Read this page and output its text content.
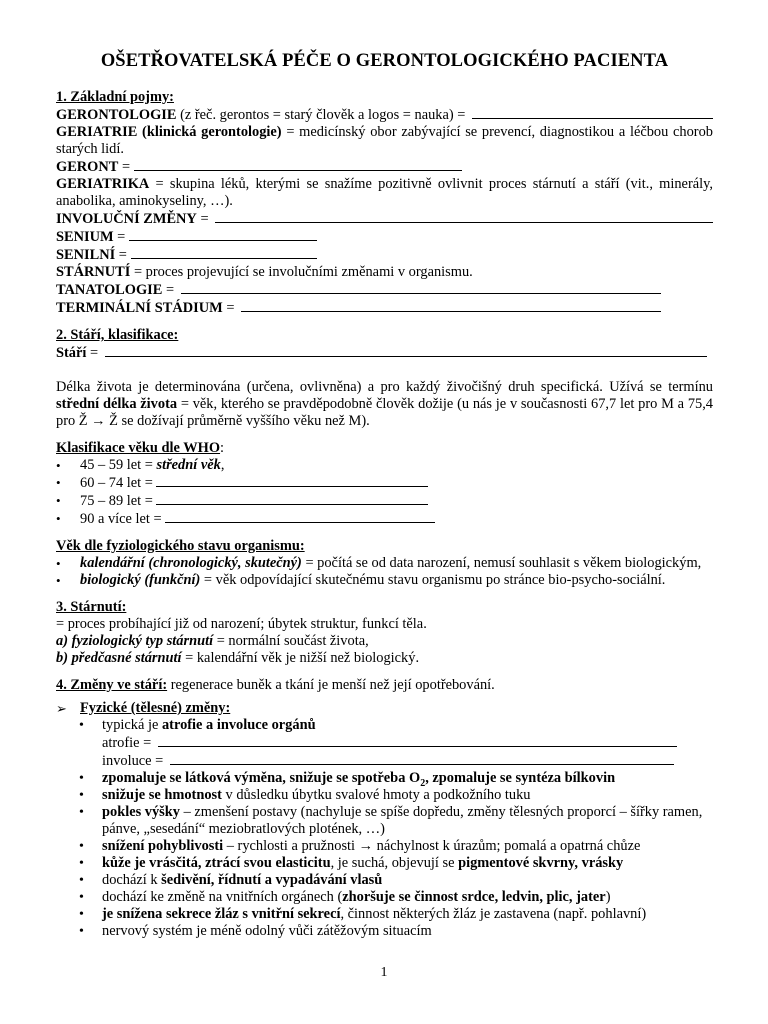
OŠETŘOVATELSKÁ PÉČE O GERONTOLOGICKÉHO PACIENTA
1. Základní pojmy:
GERONTOLOGIE (z řeč. gerontos = starý člověk a logos = nauka) =
GERIATRIE (klinická gerontologie) = medicínský obor zabývající se prevencí, diagnostikou a léčbou chorob starých lidí.
GERONT =
GERIATRIKA = skupina léků, kterými se snažíme pozitivně ovlivnit proces stárnutí a stáří (vit., minerály, anabolika, aminokyseliny, …).
INVOLUČNÍ ZMĚNY =
SENIUM =
SENILNÍ =
STÁRNUTÍ = proces projevující se involučními změnami v organismu.
TANATOLOGIE =
TERMINÁLNÍ STÁDIUM =
2. Stáří, klasifikace:
Stáří =
Délka života je determinována (určena, ovlivněna) a pro každý živočišný druh specifická. Užívá se termínu střední délka života = věk, kterého se pravděpodobně člověk dožije (u nás je v současnosti 67,7 let pro M a 75,4 pro Ž → Ž se dožívají průměrně vyššího věku než M).
Klasifikace věku dle WHO:
• 45 – 59 let = střední věk,
• 60 – 74 let =
• 75 – 89 let =
• 90 a více let =
Věk dle fyziologického stavu organismu:
• kalendářní (chronologický, skutečný) = počítá se od data narození, nemusí souhlasit s věkem biologickým,
• biologický (funkční) = věk odpovídající skutečnému stavu organismu po stránce bio-psycho-sociální.
3. Stárnutí:
= proces probíhající již od narození; úbytek struktur, funkcí těla.
a) fyziologický typ stárnutí = normální součást života,
b) předčasné stárnutí = kalendářní věk je nižší než biologický.
4. Změny ve stáří: regenerace buněk a tkání je menší než její opotřebování.
➢ Fyzické (tělesné) změny:
• typická je atrofie a involuce orgánů
atrofie =
involuce =
• zpomaluje se látková výměna, snižuje se spotřeba $O_2$, zpomaluje se syntéza bílkovin
• snižuje se hmotnost v důsledku úbytku svalové hmoty a podkožního tuku
• pokles výšky – zmenšení postavy (nachyluje se spíše dopředu, změny tělesných proporcí – šířky ramen, pánve, „sesedání“ meziobratlových plotének, …)
• snížení pohyblivosti – rychlosti a pružnosti → náchylnost k úrazům; pomalá a opatrná chůze
• kůže je vrásčitá, ztrácí svou elasticitu, je suchá, objevují se pigmentové skvrny, vrásky
• dochází k šedivění, řídnutí a vypadávání vlasů
• dochází ke změně na vnitřních orgánech (zhoršuje se činnost srdce, ledvin, plic, jater)
• je snížena sekrece žláz s vnitřní sekrecí, činnost některých žláz je zastavena (např. pohlavní)
• nervový systém je méně odolný vůči zátěžovým situacím
1
